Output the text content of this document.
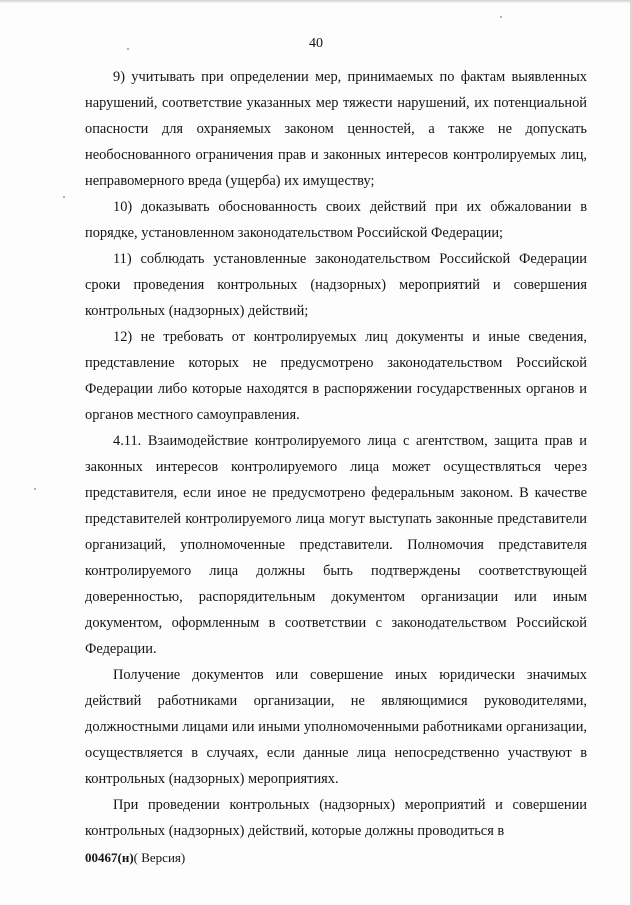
40

9) учитывать при определении мер, принимаемых по фактам выявленных нарушений, соответствие указанных мер тяжести нарушений, их потенциальной опасности для охраняемых законом ценностей, а также не допускать необоснованного ограничения прав и законных интересов контролируемых лиц, неправомерного вреда (ущерба) их имуществу;

10) доказывать обоснованность своих действий при их обжаловании в порядке, установленном законодательством Российской Федерации;

11) соблюдать установленные законодательством Российской Федерации сроки проведения контрольных (надзорных) мероприятий и совершения контрольных (надзорных) действий;

12) не требовать от контролируемых лиц документы и иные сведения, представление которых не предусмотрено законодательством Российской Федерации либо которые находятся в распоряжении государственных органов и органов местного самоуправления.

4.11. Взаимодействие контролируемого лица с агентством, защита прав и законных интересов контролируемого лица может осуществляться через представителя, если иное не предусмотрено федеральным законом. В качестве представителей контролируемого лица могут выступать законные представители организаций, уполномоченные представители. Полномочия представителя контролируемого лица должны быть подтверждены соответствующей доверенностью, распорядительным документом организации или иным документом, оформленным в соответствии с законодательством Российской Федерации.

Получение документов или совершение иных юридически значимых действий работниками организации, не являющимися руководителями, должностными лицами или иными уполномоченными работниками организации, осуществляется в случаях, если данные лица непосредственно участвуют в контрольных (надзорных) мероприятиях.

При проведении контрольных (надзорных) мероприятий и совершении контрольных (надзорных) действий, которые должны проводиться в

00467(н)( Версия)
